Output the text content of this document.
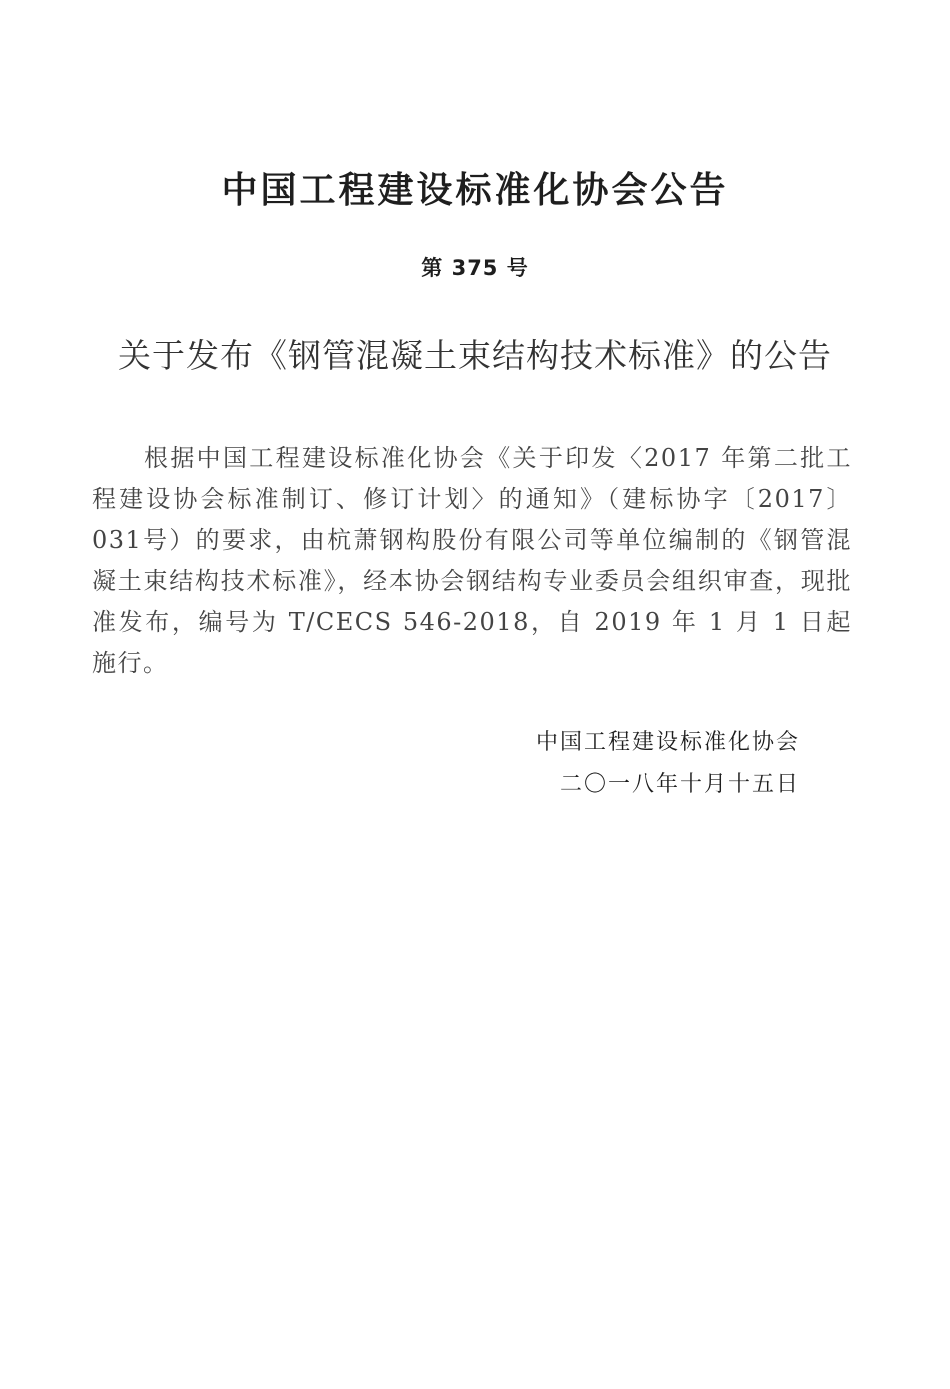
中国工程建设标准化协会公告
第 375 号
关于发布《钢管混凝土束结构技术标准》的公告

根据中国工程建设标准化协会《关于印发〈2017 年第二批工程建设协会标准制订、修订计划〉的通知》（建标协字〔2017〕031号）的要求，由杭萧钢构股份有限公司等单位编制的《钢管混凝土束结构技术标准》，经本协会钢结构专业委员会组织审查，现批准发布，编号为 T/CECS 546-2018，自 2019 年 1 月 1 日起施行。

中国工程建设标准化协会
二〇一八年十月十五日
